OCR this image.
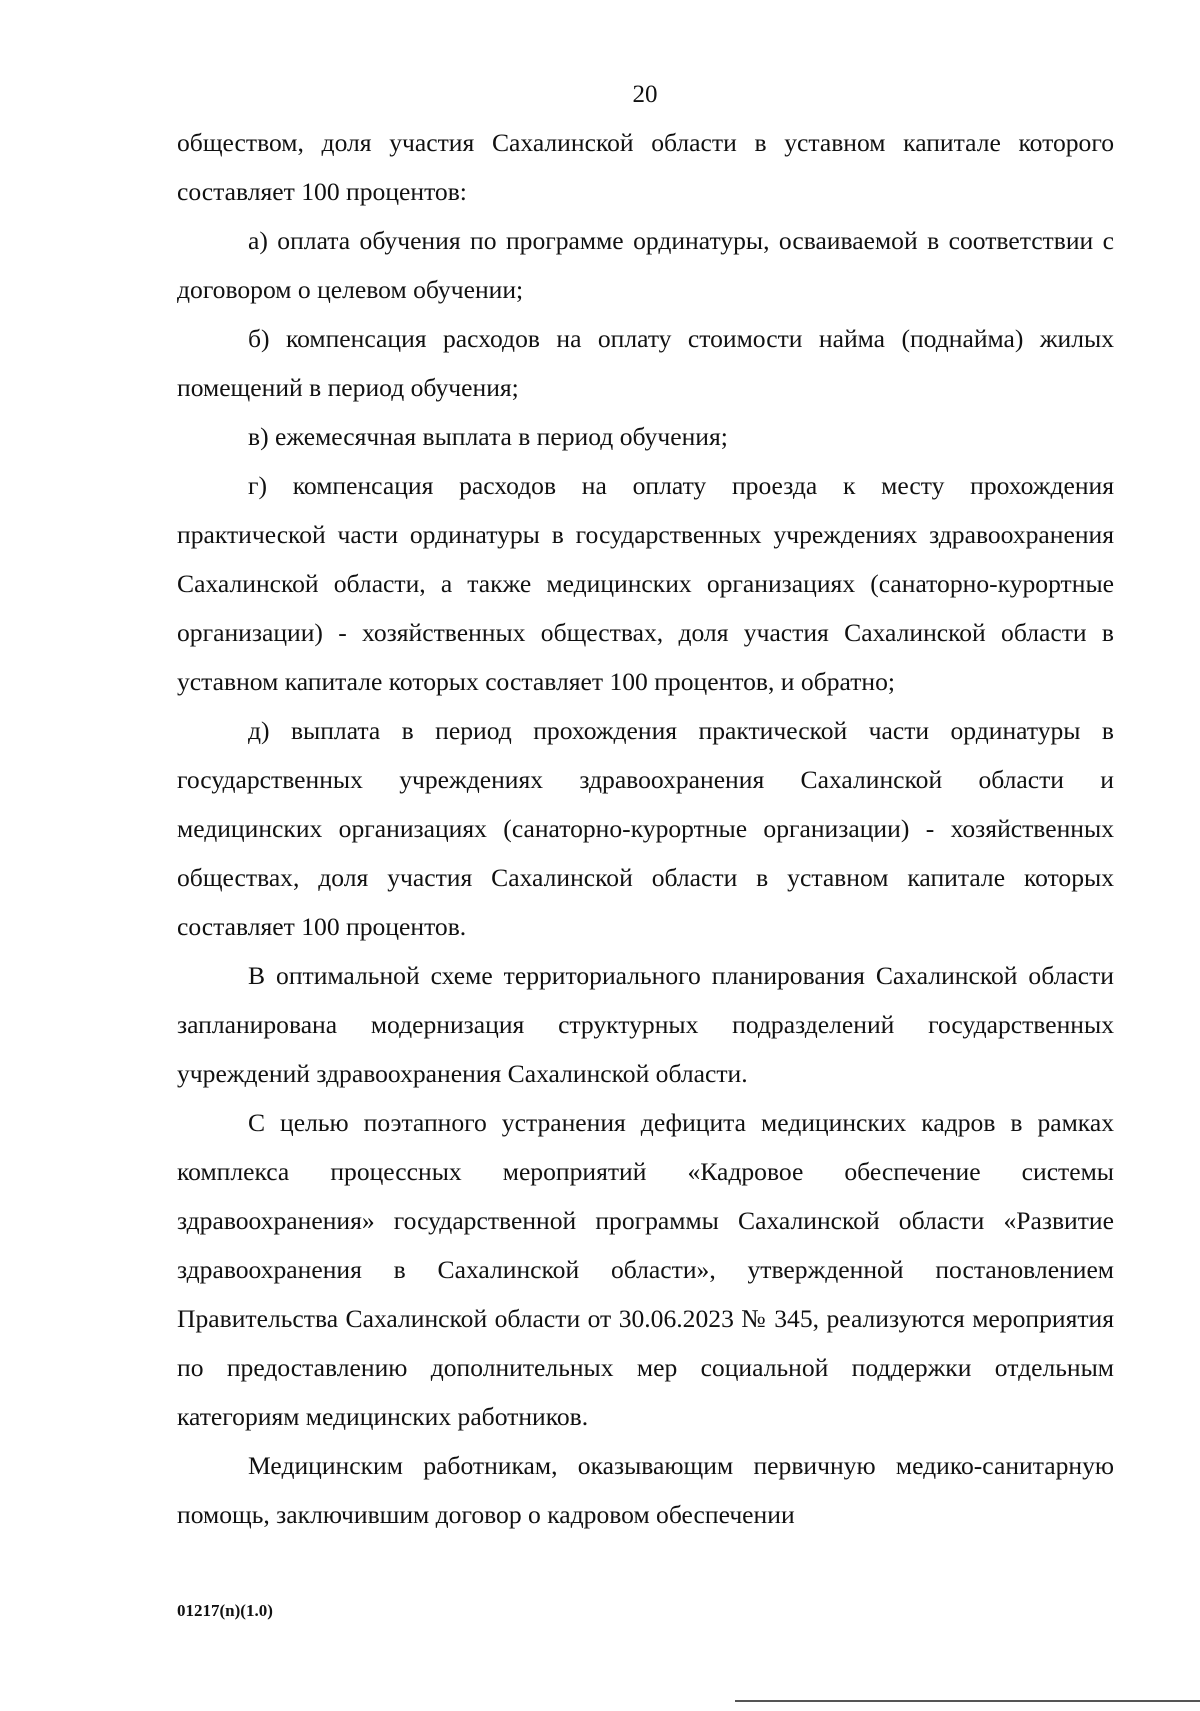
20

обществом, доля участия Сахалинской области в уставном капитале которого составляет 100 процентов:

а) оплата обучения по программе ординатуры, осваиваемой в соответствии с договором о целевом обучении;

б) компенсация расходов на оплату стоимости найма (поднайма) жилых помещений в период обучения;

в) ежемесячная выплата в период обучения;

г) компенсация расходов на оплату проезда к месту прохождения практической части ординатуры в государственных учреждениях здравоохранения Сахалинской области, а также медицинских организациях (санаторно-курортные организации) - хозяйственных обществах, доля участия Сахалинской области в уставном капитале которых составляет 100 процентов, и обратно;

д) выплата в период прохождения практической части ординатуры в государственных учреждениях здравоохранения Сахалинской области и медицинских организациях (санаторно-курортные организации) - хозяйственных обществах, доля участия Сахалинской области в уставном капитале которых составляет 100 процентов.

В оптимальной схеме территориального планирования Сахалинской области запланирована модернизация структурных подразделений государственных учреждений здравоохранения Сахалинской области.

С целью поэтапного устранения дефицита медицинских кадров в рамках комплекса процессных мероприятий «Кадровое обеспечение системы здравоохранения» государственной программы Сахалинской области «Развитие здравоохранения в Сахалинской области», утвержденной постановлением Правительства Сахалинской области от 30.06.2023 № 345, реализуются мероприятия по предоставлению дополнительных мер социальной поддержки отдельным категориям медицинских работников.

Медицинским работникам, оказывающим первичную медико-санитарную помощь, заключившим договор о кадровом обеспечении

01217(n)(1.0)
